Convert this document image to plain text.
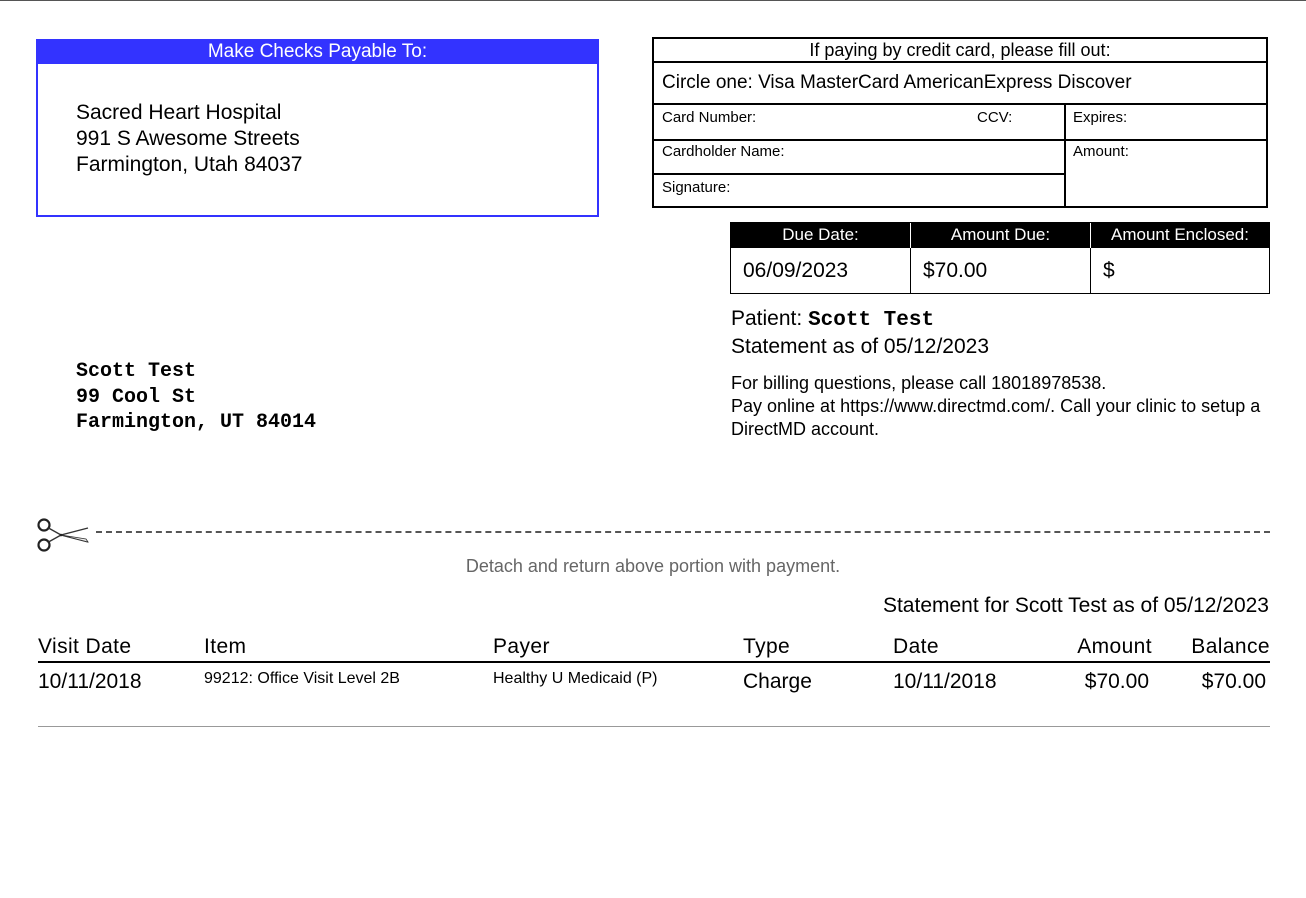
Make Checks Payable To:
Sacred Heart Hospital
991 S Awesome Streets
Farmington, Utah 84037
If paying by credit card, please fill out:
Circle one: Visa MasterCard AmericanExpress Discover
Card Number:	CCV:	Expires:
Cardholder Name:	Amount:
Signature:
Due Date:	Amount Due:	Amount Enclosed:
06/09/2023	$70.00	$
Patient: Scott Test
Statement as of 05/12/2023
For billing questions, please call 18018978538.
Pay online at https://www.directmd.com/. Call your clinic to setup a DirectMD account.
Scott Test
99 Cool St
Farmington, UT 84014
Detach and return above portion with payment.
Statement for Scott Test as of 05/12/2023
Visit Date	Item	Payer	Type	Date	Amount Balance
10/11/2018	99212: Office Visit Level 2B	Healthy U Medicaid (P)	Charge	10/11/2018	$70.00	$70.00
